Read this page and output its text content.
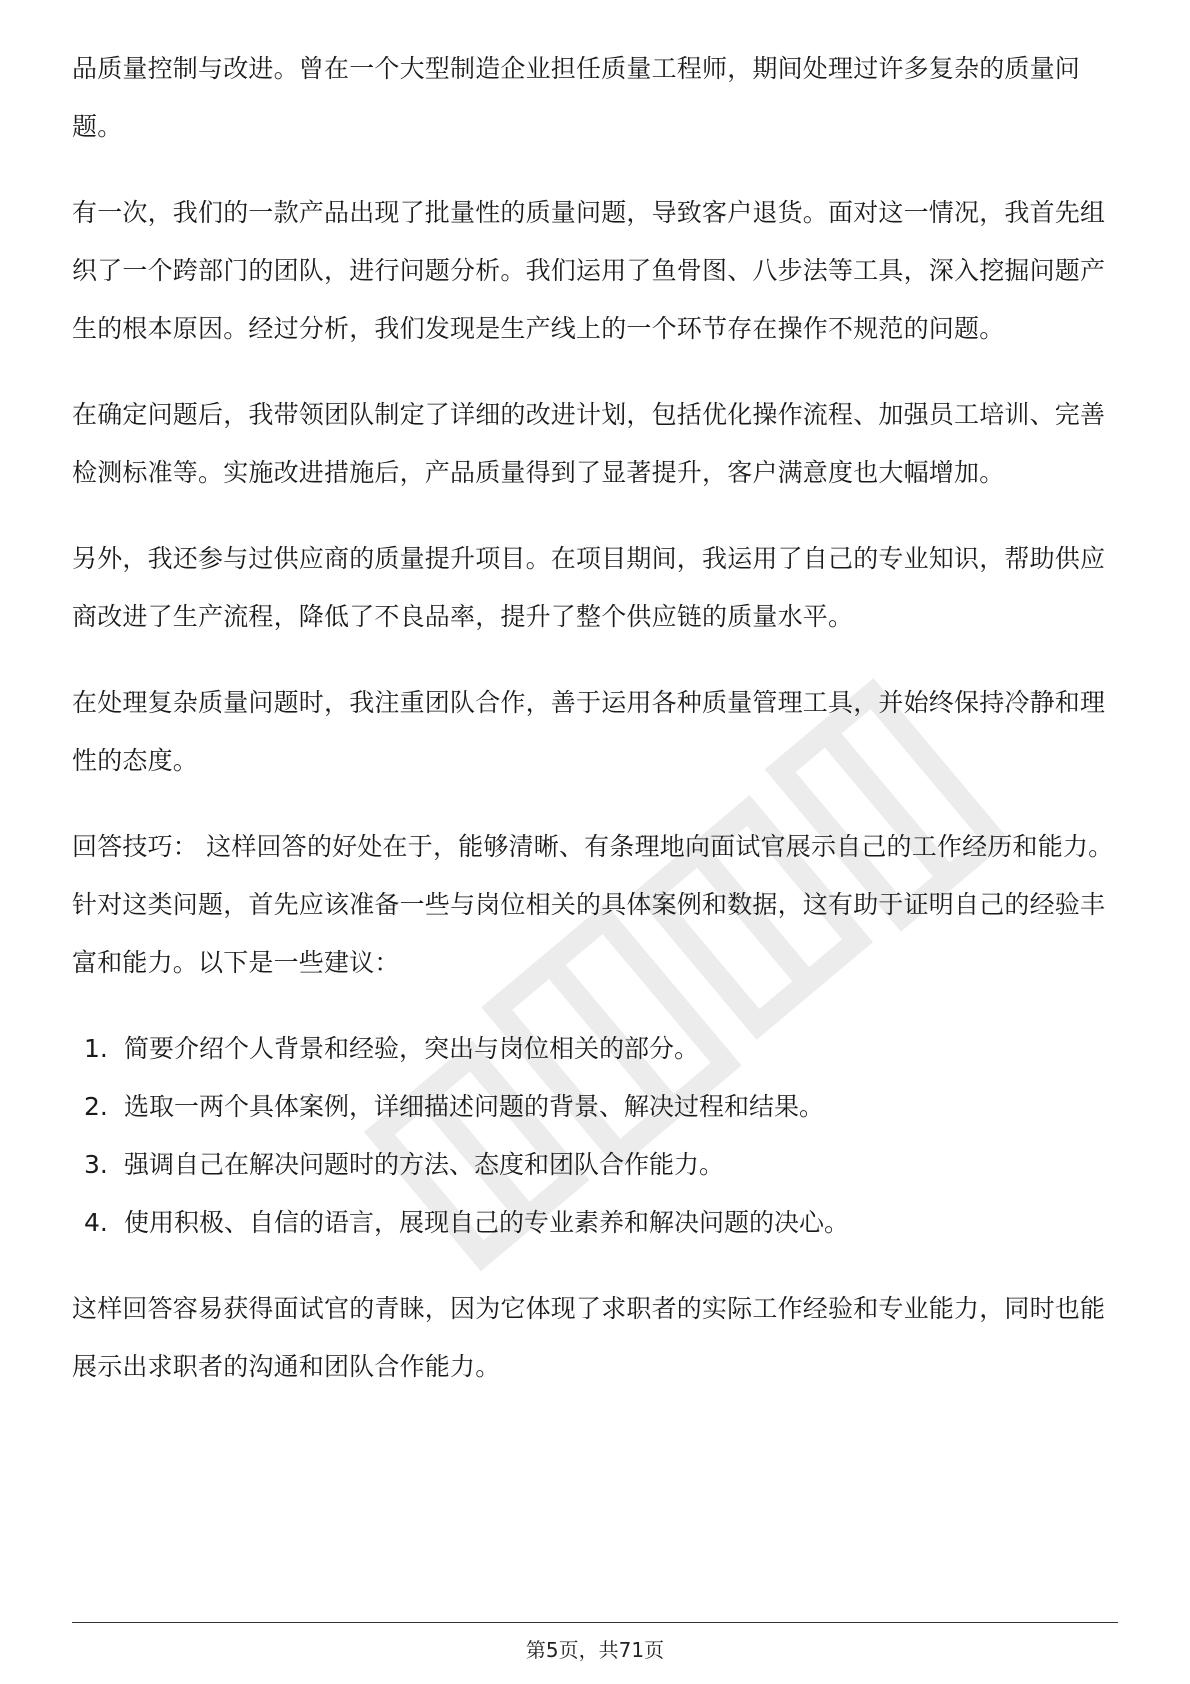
品质量控制与改进。曾在一个大型制造企业担任质量工程师，期间处理过许多复杂的质量问题。

有一次，我们的一款产品出现了批量性的质量问题，导致客户退货。面对这一情况，我首先组织了一个跨部门的团队，进行问题分析。我们运用了鱼骨图、八步法等工具，深入挖掘问题产生的根本原因。经过分析，我们发现是生产线上的一个环节存在操作不规范的问题。

在确定问题后，我带领团队制定了详细的改进计划，包括优化操作流程、加强员工培训、完善检测标准等。实施改进措施后，产品质量得到了显著提升，客户满意度也大幅增加。

另外，我还参与过供应商的质量提升项目。在项目期间，我运用了自己的专业知识，帮助供应商改进了生产流程，降低了不良品率，提升了整个供应链的质量水平。

在处理复杂质量问题时，我注重团队合作，善于运用各种质量管理工具，并始终保持冷静和理性的态度。

回答技巧： 这样回答的好处在于，能够清晰、有条理地向面试官展示自己的工作经历和能力。针对这类问题，首先应该准备一些与岗位相关的具体案例和数据，这有助于证明自己的经验丰富和能力。以下是一些建议：

1. 简要介绍个人背景和经验，突出与岗位相关的部分。
2. 选取一两个具体案例，详细描述问题的背景、解决过程和结果。
3. 强调自己在解决问题时的方法、态度和团队合作能力。
4. 使用积极、自信的语言，展现自己的专业素养和解决问题的决心。

这样回答容易获得面试官的青睐，因为它体现了求职者的实际工作经验和专业能力，同时也能展示出求职者的沟通和团队合作能力。

第5页，共71页
